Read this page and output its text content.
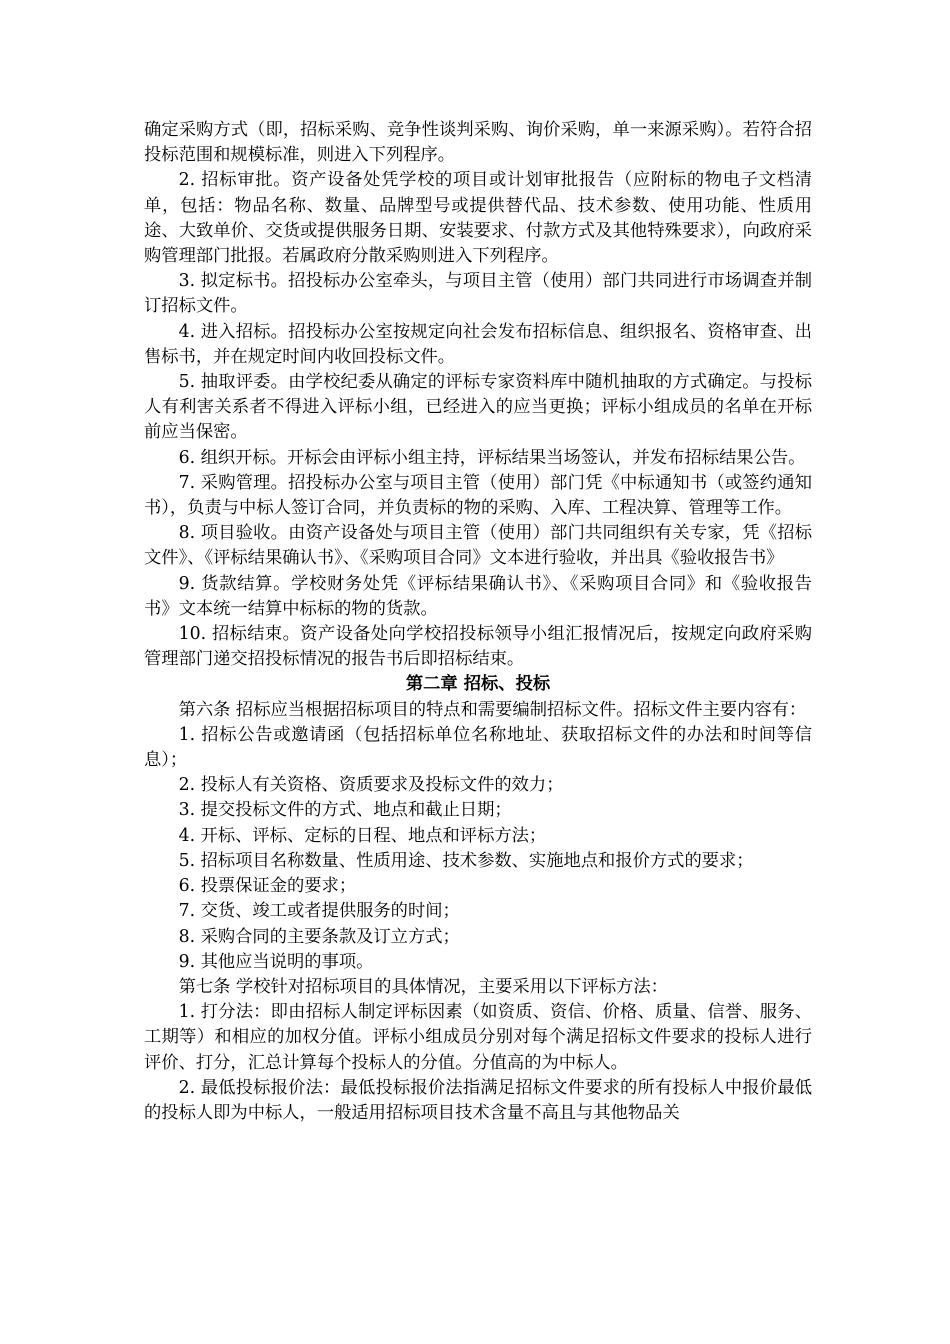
确定采购方式（即，招标采购、竞争性谈判采购、询价采购，单一来源采购）。若符合招投标范围和规模标准，则进入下列程序。

2. 招标审批。资产设备处凭学校的项目或计划审批报告（应附标的物电子文档清单，包括：物品名称、数量、品牌型号或提供替代品、技术参数、使用功能、性质用途、大致单价、交货或提供服务日期、安装要求、付款方式及其他特殊要求），向政府采购管理部门批报。若属政府分散采购则进入下列程序。

3. 拟定标书。招投标办公室牵头，与项目主管（使用）部门共同进行市场调查并制订招标文件。

4. 进入招标。招投标办公室按规定向社会发布招标信息、组织报名、资格审查、出售标书，并在规定时间内收回投标文件。

5. 抽取评委。由学校纪委从确定的评标专家资料库中随机抽取的方式确定。与投标人有利害关系者不得进入评标小组，已经进入的应当更换；评标小组成员的名单在开标前应当保密。

6. 组织开标。开标会由评标小组主持，评标结果当场签认，并发布招标结果公告。

7. 采购管理。招投标办公室与项目主管（使用）部门凭《中标通知书（或签约通知书），负责与中标人签订合同，并负责标的物的采购、入库、工程决算、管理等工作。

8. 项目验收。由资产设备处与项目主管（使用）部门共同组织有关专家，凭《招标文件》、《评标结果确认书》、《采购项目合同》文本进行验收，并出具《验收报告书》

9. 货款结算。学校财务处凭《评标结果确认书》、《采购项目合同》和《验收报告书》文本统一结算中标标的物的货款。

10. 招标结束。资产设备处向学校招投标领导小组汇报情况后，按规定向政府采购管理部门递交招投标情况的报告书后即招标结束。

第二章 招标、投标

第六条 招标应当根据招标项目的特点和需要编制招标文件。招标文件主要内容有：

1. 招标公告或邀请函（包括招标单位名称地址、获取招标文件的办法和时间等信息）；

2. 投标人有关资格、资质要求及投标文件的效力；

3. 提交投标文件的方式、地点和截止日期；

4. 开标、评标、定标的日程、地点和评标方法；

5. 招标项目名称数量、性质用途、技术参数、实施地点和报价方式的要求；

6. 投票保证金的要求；

7. 交货、竣工或者提供服务的时间；

8. 采购合同的主要条款及订立方式；

9. 其他应当说明的事项。

第七条 学校针对招标项目的具体情况，主要采用以下评标方法：

1. 打分法：即由招标人制定评标因素（如资质、资信、价格、质量、信誉、服务、工期等）和相应的加权分值。评标小组成员分别对每个满足招标文件要求的投标人进行评价、打分，汇总计算每个投标人的分值。分值高的为中标人。

2. 最低投标报价法：最低投标报价法指满足招标文件要求的所有投标人中报价最低的投标人即为中标人，一般适用招标项目技术含量不高且与其他物品关
